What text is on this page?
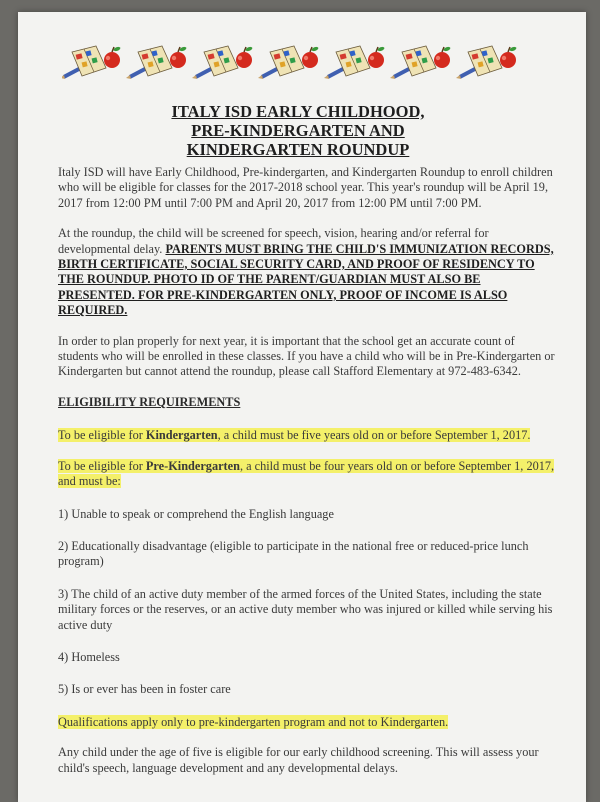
ITALY ISD EARLY CHILDHOOD,
PRE-KINDERGARTEN AND
KINDERGARTEN ROUNDUP

Italy ISD will have Early Childhood, Pre-kindergarten, and Kindergarten Roundup to enroll children who will be eligible for classes for the 2017-2018 school year. This year's roundup will be April 19, 2017 from 12:00 PM until 7:00 PM and April 20, 2017 from 12:00 PM until 7:00 PM.

At the roundup, the child will be screened for speech, vision, hearing and/or referral for developmental delay. PARENTS MUST BRING THE CHILD'S IMMUNIZATION RECORDS, BIRTH CERTIFICATE, SOCIAL SECURITY CARD, AND PROOF OF RESIDENCY TO THE ROUNDUP. PHOTO ID OF THE PARENT/GUARDIAN MUST ALSO BE PRESENTED. FOR PRE-KINDERGARTEN ONLY, PROOF OF INCOME IS ALSO REQUIRED.

In order to plan properly for next year, it is important that the school get an accurate count of students who will be enrolled in these classes. If you have a child who will be in Pre-Kindergarten or Kindergarten but cannot attend the roundup, please call Stafford Elementary at 972-483-6342.

ELIGIBILITY REQUIREMENTS

To be eligible for Kindergarten, a child must be five years old on or before September 1, 2017.

To be eligible for Pre-Kindergarten, a child must be four years old on or before September 1, 2017, and must be:

1) Unable to speak or comprehend the English language
2) Educationally disadvantage (eligible to participate in the national free or reduced-price lunch program)
3) The child of an active duty member of the armed forces of the United States, including the state military forces or the reserves, or an active duty member who was injured or killed while serving his active duty
4) Homeless
5) Is or ever has been in foster care

Qualifications apply only to pre-kindergarten program and not to Kindergarten.

Any child under the age of five is eligible for our early childhood screening. This will assess your child's speech, language development and any developmental delays.
